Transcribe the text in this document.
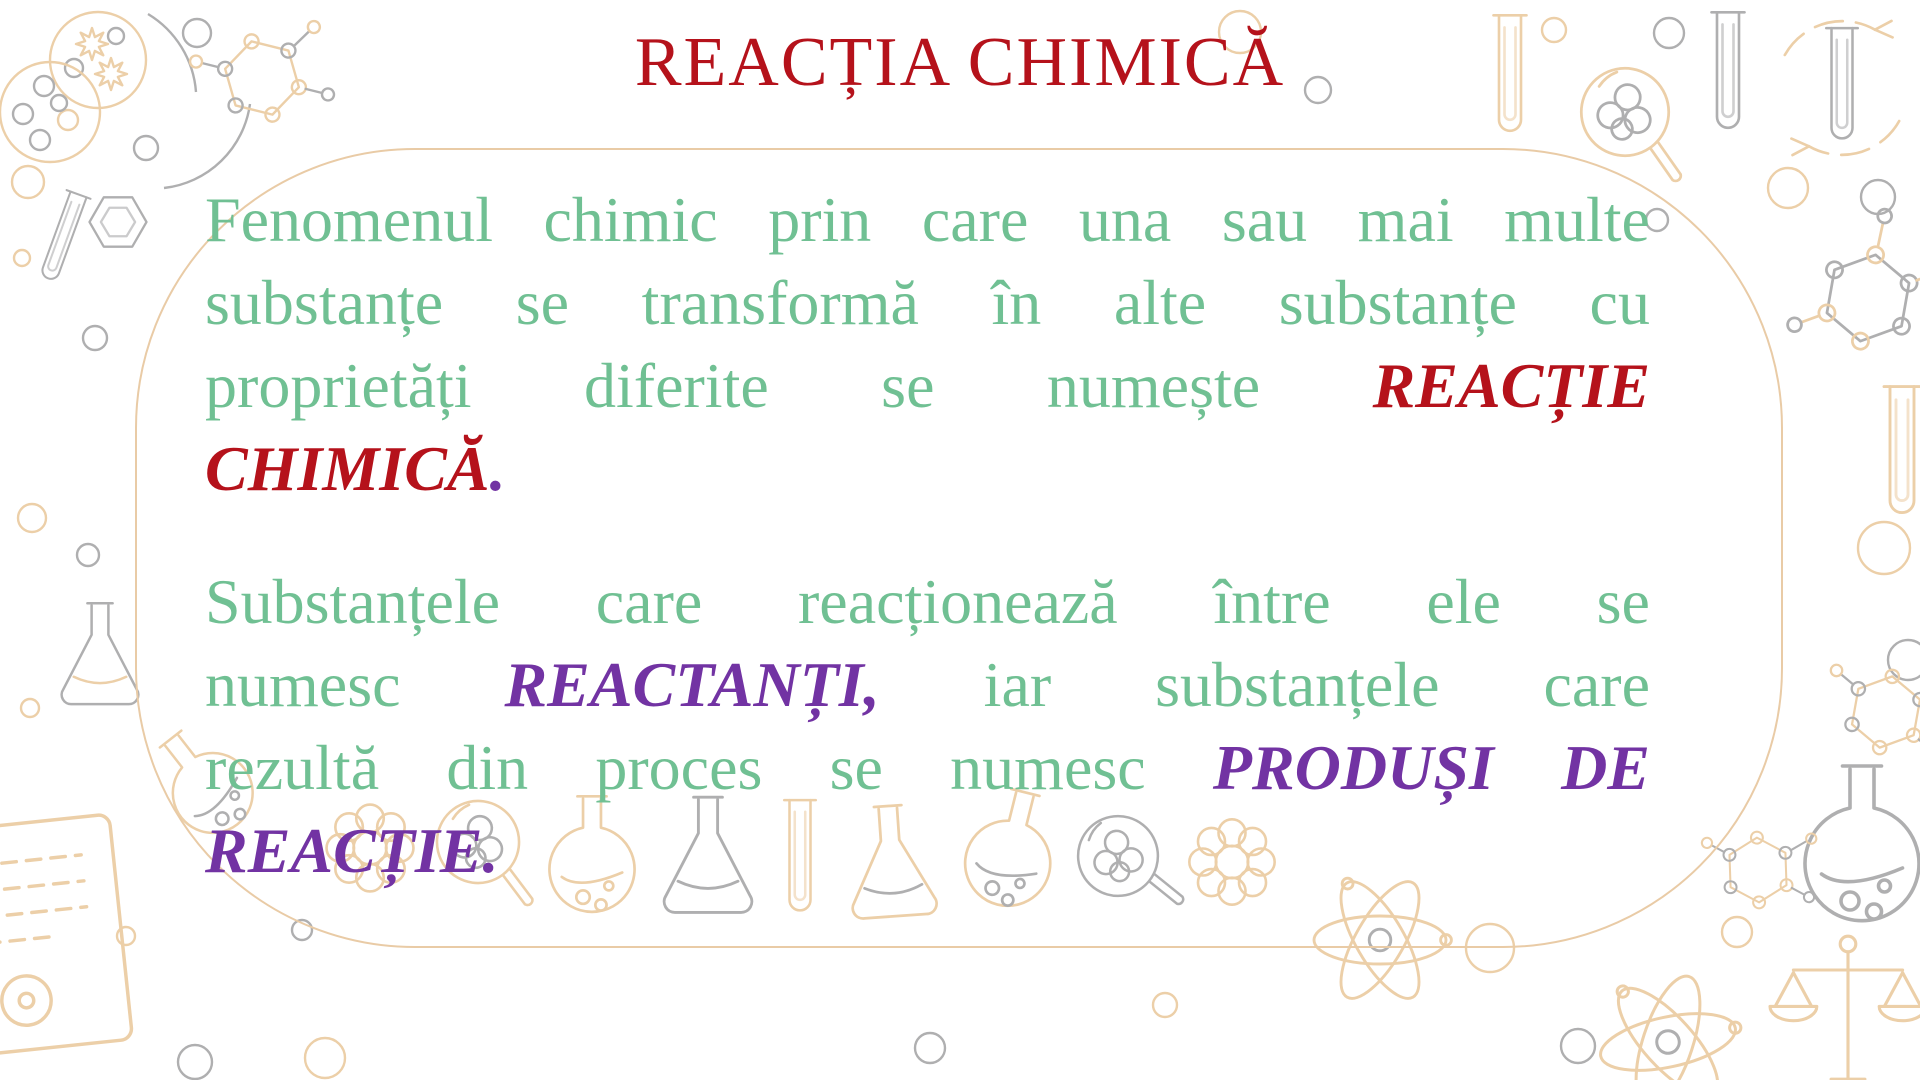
REACȚIA CHIMICĂ
Fenomenul chimic prin care una sau mai multe
substanțe se transformă în alte substanțe cu
proprietăți diferite se numește REACȚIE
CHIMICĂ .
Substanțele care reacționează între ele se
numesc REACTANȚI, iar substanțele care
rezultă din proces se numesc PRODUȘI DE
REACȚIE.
